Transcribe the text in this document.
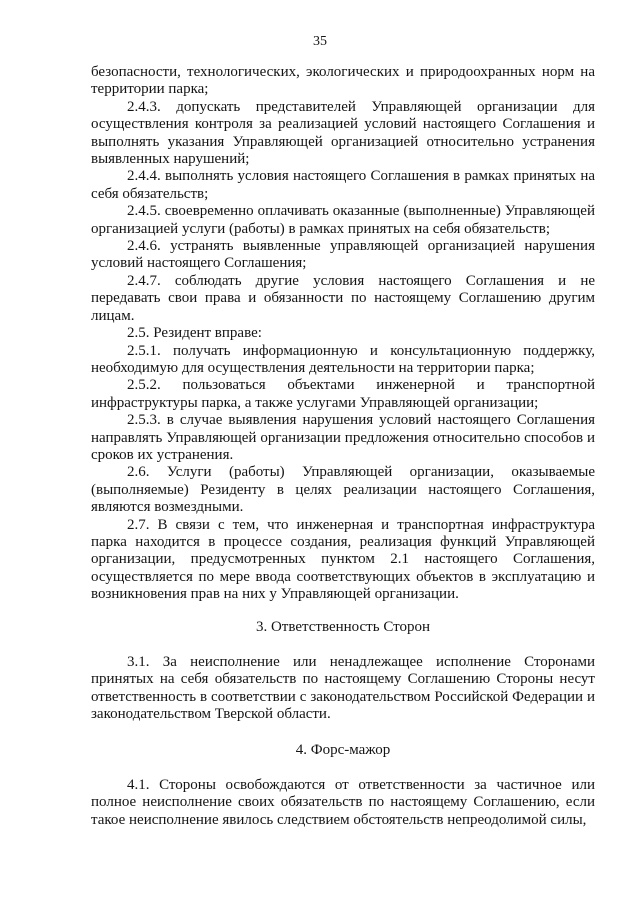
35

безопасности, технологических, экологических и природоохранных норм на территории парка;

2.4.3. допускать представителей Управляющей организации для осуществления контроля за реализацией условий настоящего Соглашения и выполнять указания Управляющей организацией относительно устранения выявленных нарушений;

2.4.4. выполнять условия настоящего Соглашения в рамках принятых на себя обязательств;

2.4.5. своевременно оплачивать оказанные (выполненные) Управляющей организацией услуги (работы) в рамках принятых на себя обязательств;

2.4.6. устранять выявленные управляющей организацией нарушения условий настоящего Соглашения;

2.4.7. соблюдать другие условия настоящего Соглашения и не передавать свои права и обязанности по настоящему Соглашению другим лицам.

2.5. Резидент вправе:

2.5.1. получать информационную и консультационную поддержку, необходимую для осуществления деятельности на территории парка;

2.5.2. пользоваться объектами инженерной и транспортной инфраструктуры парка, а также услугами Управляющей организации;

2.5.3. в случае выявления нарушения условий настоящего Соглашения направлять Управляющей организации предложения относительно способов и сроков их устранения.

2.6. Услуги (работы) Управляющей организации, оказываемые (выполняемые) Резиденту в целях реализации настоящего Соглашения, являются возмездными.

2.7. В связи с тем, что инженерная и транспортная инфраструктура парка находится в процессе создания, реализация функций Управляющей организации, предусмотренных пунктом 2.1 настоящего Соглашения, осуществляется по мере ввода соответствующих объектов в эксплуатацию и возникновения прав на них у Управляющей организации.

3. Ответственность Сторон

3.1. За неисполнение или ненадлежащее исполнение Сторонами принятых на себя обязательств по настоящему Соглашению Стороны несут ответственность в соответствии с законодательством Российской Федерации и законодательством Тверской области.

4. Форс-мажор

4.1. Стороны освобождаются от ответственности за частичное или полное неисполнение своих обязательств по настоящему Соглашению, если такое неисполнение явилось следствием обстоятельств непреодолимой силы,
